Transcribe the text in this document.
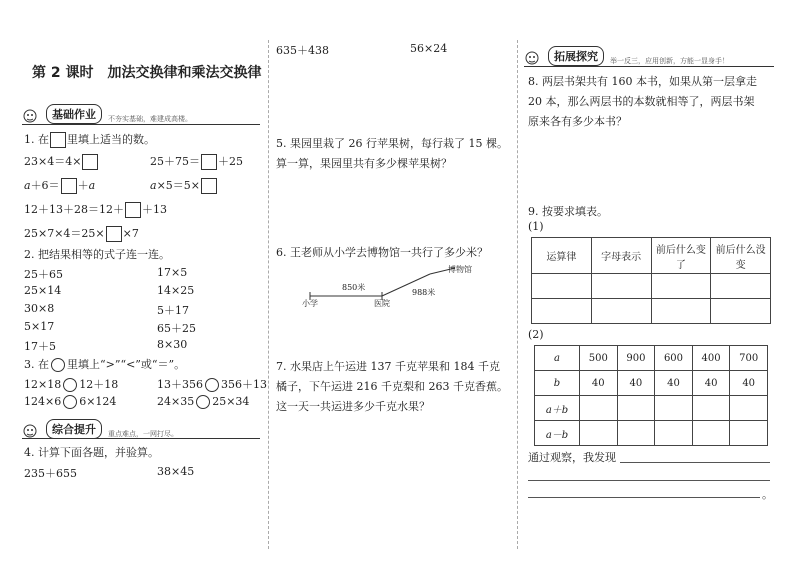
第 2 课时　加法交换律和乘法交换律
基础作业	不夯实基础，难建成高楼。
1. 在 里填上适当的数。
23×4＝4×	25＋75＝ ＋25
a＋6＝ ＋a	a×5＝5×
12＋13＋28＝12＋ ＋13
25×7×4＝25× ×7
2. 把结果相等的式子连一连。
25＋65
25×14
30×8
5×17
17＋5
17×5
14×25
5＋17
65＋25
8×30
3. 在 里填上“>”“<”或“＝”。
12×18 12＋18	13＋356 356＋13
124×6 6×124	24×35 25×34
综合提升	重点难点，一网打尽。
4. 计算下面各题，并验算。
235＋655	38×45
635＋438	56×24
5. 果园里栽了 26 行苹果树，每行栽了 15 棵。
算一算，果园里共有多少棵苹果树？
6. 王老师从小学去博物馆一共行了多少米？
850米
988米
小学	医院
博物馆
7. 水果店上午运进 137 千克苹果和 184 千克
橘子，下午运进 216 千克梨和 263 千克香蕉。
这一天一共运进多少千克水果？
拓展探究	举一反三，应用创新，方能一显身手！
8. 两层书架共有 160 本书，如果从第一层拿走
20 本，那么两层书的本数就相等了，两层书架
原来各有多少本书？
9. 按要求填表。
(1)
运算律	字母表示	前后什么变了	前后什么没变

(2)
a	500	900	600	400	700
b	40	40	40	40	40
a＋b					
a－b					
通过观察，我发现
。
